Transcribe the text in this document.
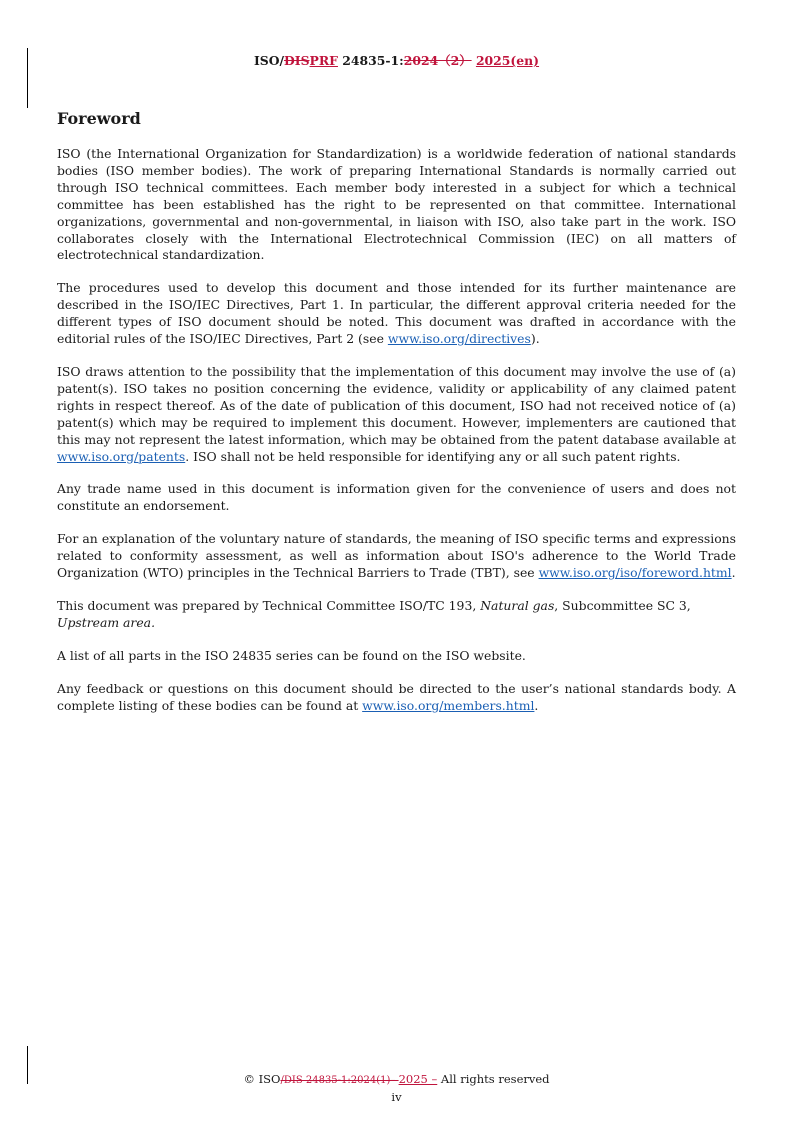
ISO/DISPRF 24835-1:2024（2） 2025(en)
Foreword

ISO (the International Organization for Standardization) is a worldwide federation of national standards bodies (ISO member bodies). The work of preparing International Standards is normally carried out through ISO technical committees. Each member body interested in a subject for which a technical committee has been established has the right to be represented on that committee. International organizations, governmental and non-governmental, in liaison with ISO, also take part in the work. ISO collaborates closely with the International Electrotechnical Commission (IEC) on all matters of electrotechnical standardization.

The procedures used to develop this document and those intended for its further maintenance are described in the ISO/IEC Directives, Part 1. In particular, the different approval criteria needed for the different types of ISO document should be noted. This document was drafted in accordance with the editorial rules of the ISO/IEC Directives, Part 2 (see www.iso.org/directives).

ISO draws attention to the possibility that the implementation of this document may involve the use of (a) patent(s). ISO takes no position concerning the evidence, validity or applicability of any claimed patent rights in respect thereof. As of the date of publication of this document, ISO had not received notice of (a) patent(s) which may be required to implement this document. However, implementers are cautioned that this may not represent the latest information, which may be obtained from the patent database available at www.iso.org/patents. ISO shall not be held responsible for identifying any or all such patent rights.

Any trade name used in this document is information given for the convenience of users and does not constitute an endorsement.

For an explanation of the voluntary nature of standards, the meaning of ISO specific terms and expressions related to conformity assessment, as well as information about ISO's adherence to the World Trade Organization (WTO) principles in the Technical Barriers to Trade (TBT), see www.iso.org/iso/foreword.html.

This document was prepared by Technical Committee ISO/TC 193, Natural gas, Subcommittee SC 3, Upstream area.

A list of all parts in the ISO 24835 series can be found on the ISO website.

Any feedback or questions on this document should be directed to the user’s national standards body. A complete listing of these bodies can be found at www.iso.org/members.html.

© ISO/DIS 24835-1:2024(1)– 2025 – All rights reserved
iv
